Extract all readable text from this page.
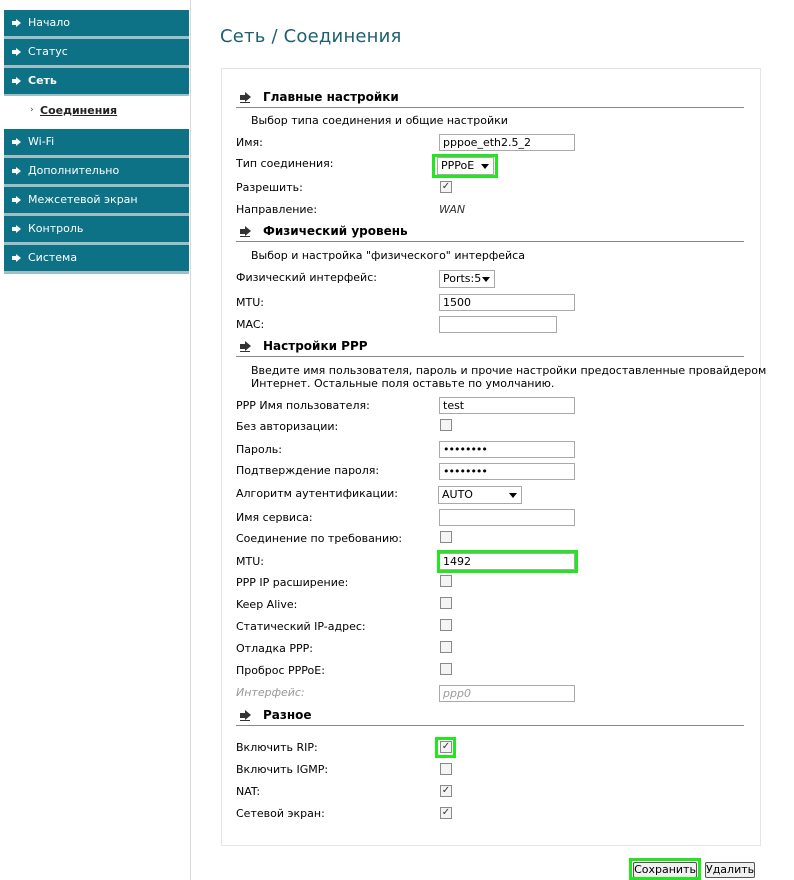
Начало
Статус
Сеть
› Соединения
Wi-Fi
Дополнительно
Межсетевой экран
Контроль
Система
Сеть / Соединения
Главные настройки
Выбор типа соединения и общие настройки
Имя:	pppoe_eth2.5_2
Тип соединения:	PPPoE
Разрешить:	✓
Направление:	WAN
Физический уровень
Выбор и настройка "физического" интерфейса
Физический интерфейс:	Ports:5
MTU:	1500
MAC:
Настройки PPP
Введите имя пользователя, пароль и прочие настройки предоставленные провайдером
Интернет. Остальные поля оставьте по умолчанию.
PPP Имя пользователя:	test
Без авторизации:
Пароль:	••••••••
Подтверждение пароля:	••••••••
Алгоритм аутентификации:	AUTO
Имя сервиса:
Соединение по требованию:
MTU:	1492
PPP IP расширение:
Keep Alive:
Статический IP-адрес:
Отладка PPP:
Проброс PPPoE:
Интерфейс:	ppp0
Разное
Включить RIP:	✓
Включить IGMP:
NAT:	✓
Сетевой экран:	✓
Сохранить Удалить
